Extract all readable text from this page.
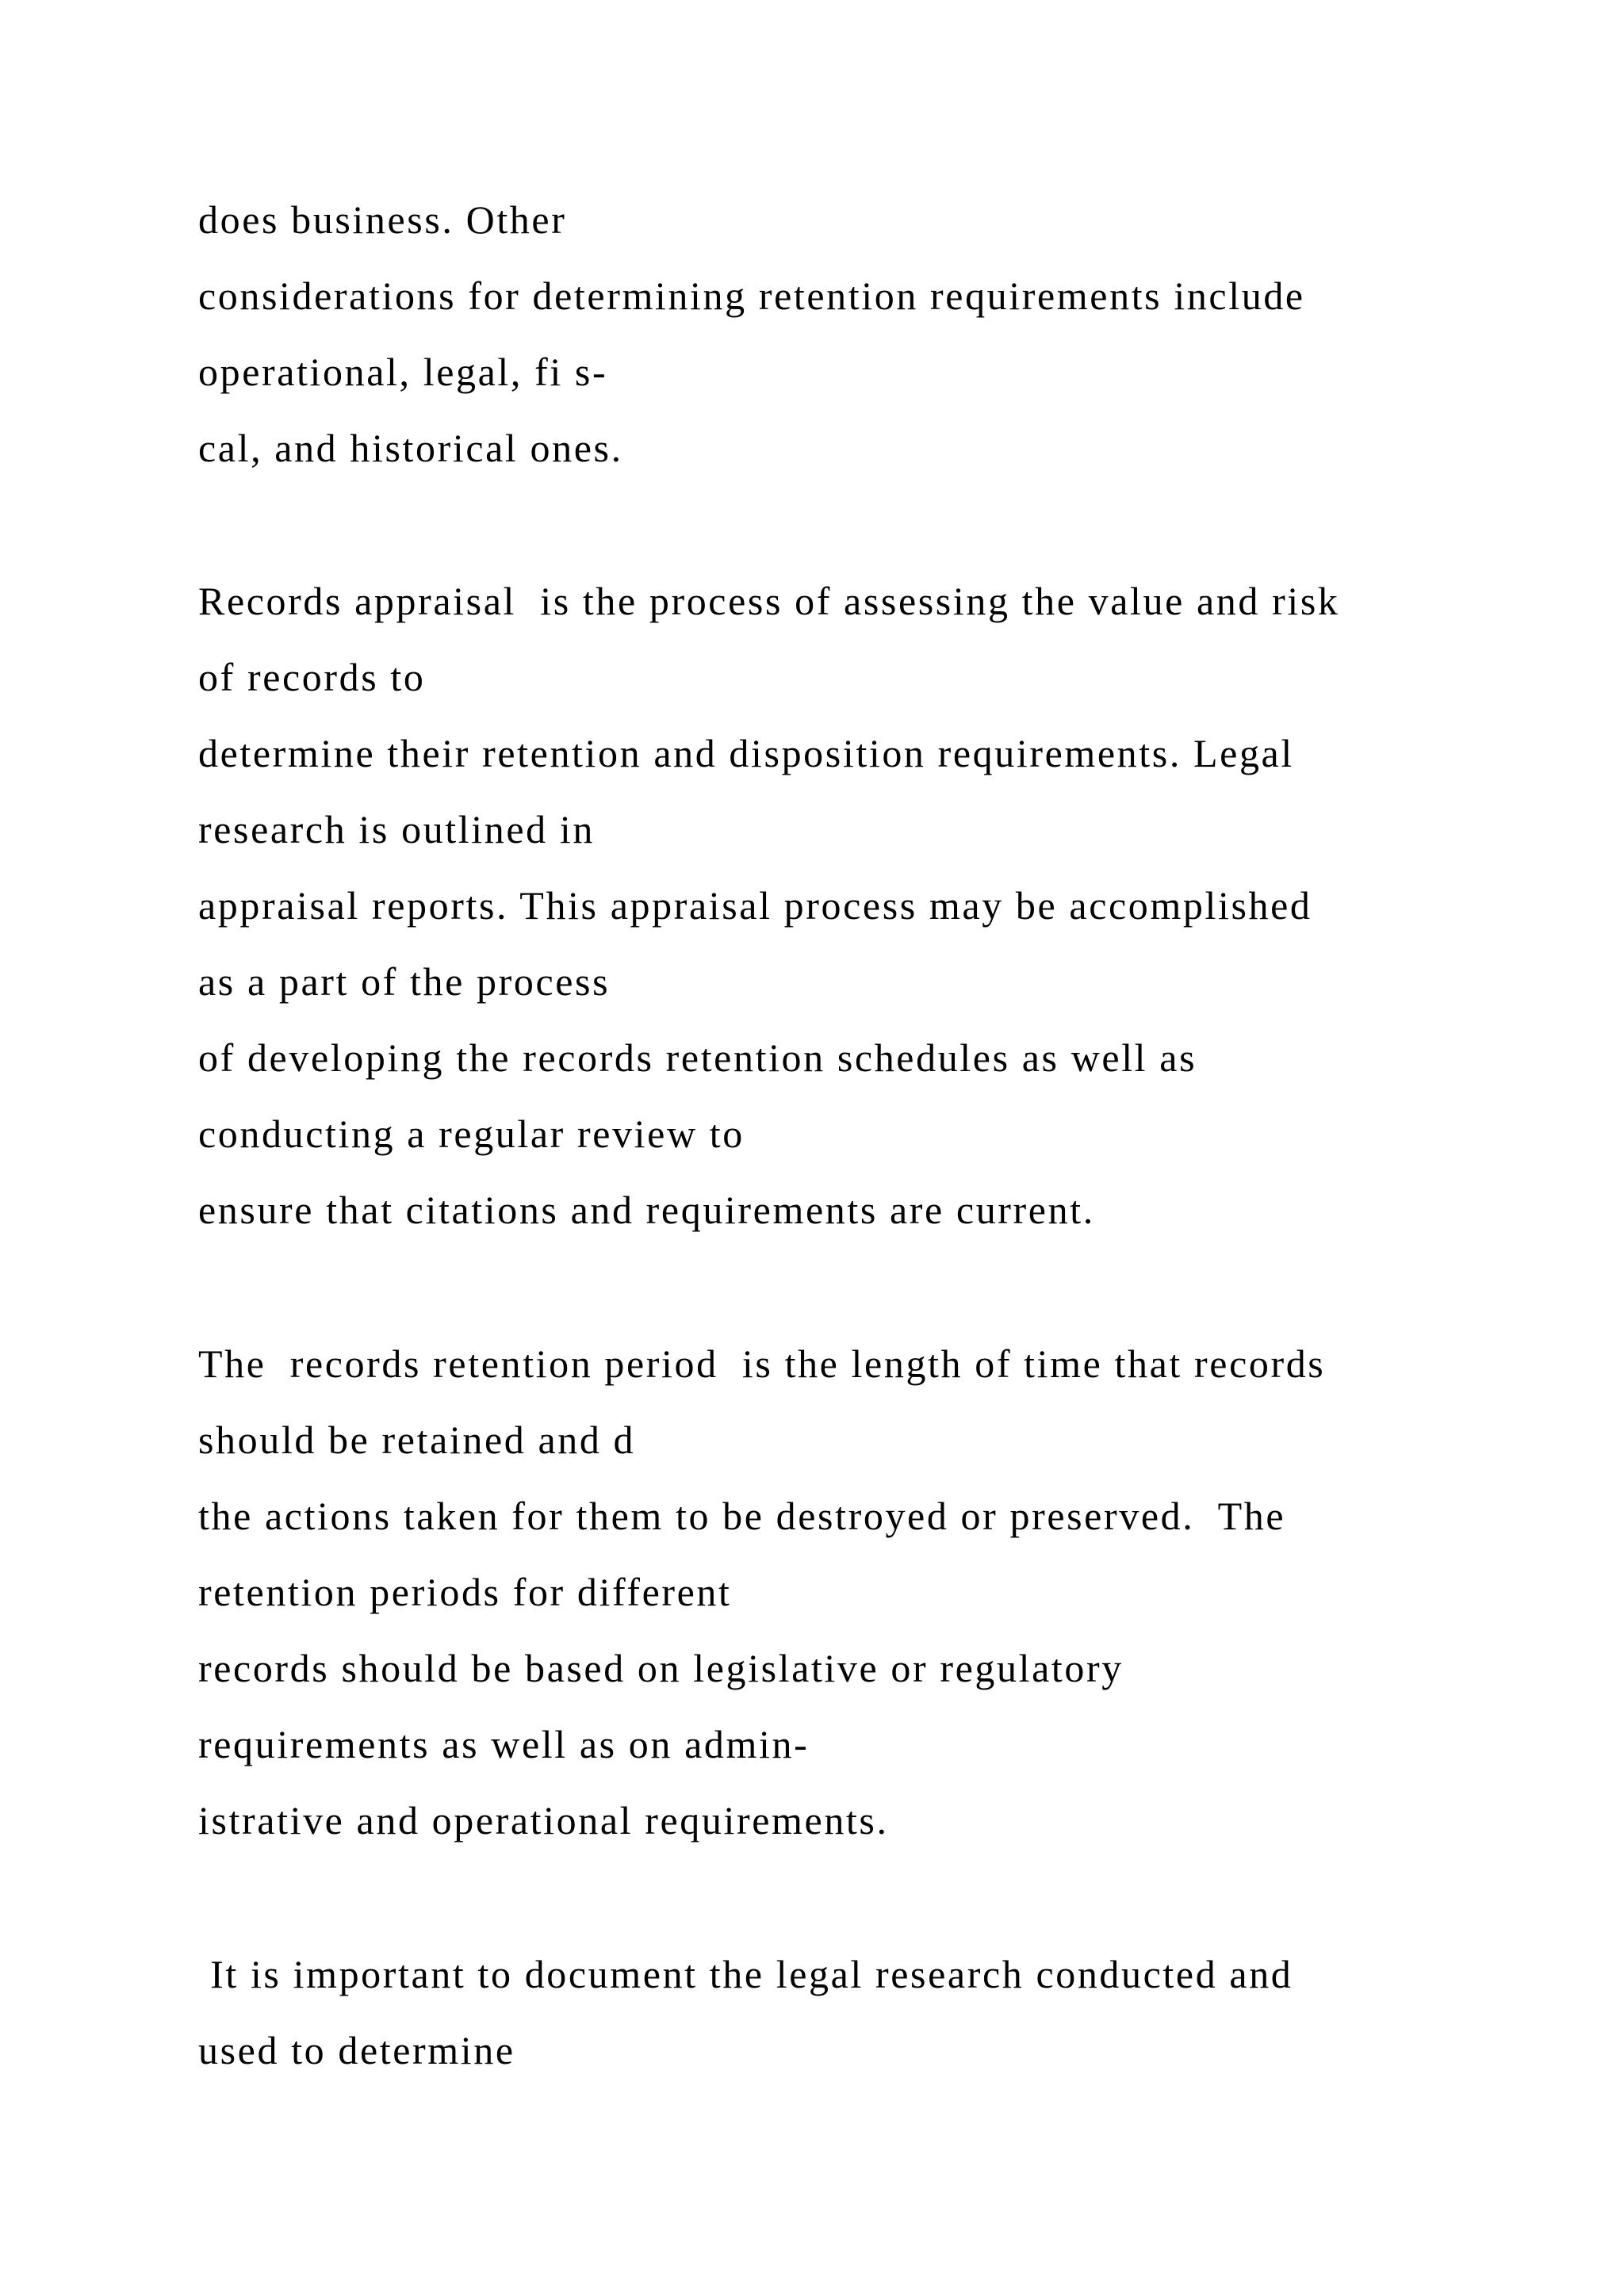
does business. Other

considerations for determining retention requirements include

operational, legal, fi s-

cal, and historical ones.

Records appraisal  is the process of assessing the value and risk

of records to

determine their retention and disposition requirements. Legal

research is outlined in

appraisal reports. This appraisal process may be accomplished

as a part of the process

of developing the records retention schedules as well as

conducting a regular review to

ensure that citations and requirements are current.

The  records retention period  is the length of time that records

should be retained and d

the actions taken for them to be destroyed or preserved.  The

retention periods for different

records should be based on legislative or regulatory

requirements as well as on admin-

istrative and operational requirements.

It is important to document the legal research conducted and

used to determine
